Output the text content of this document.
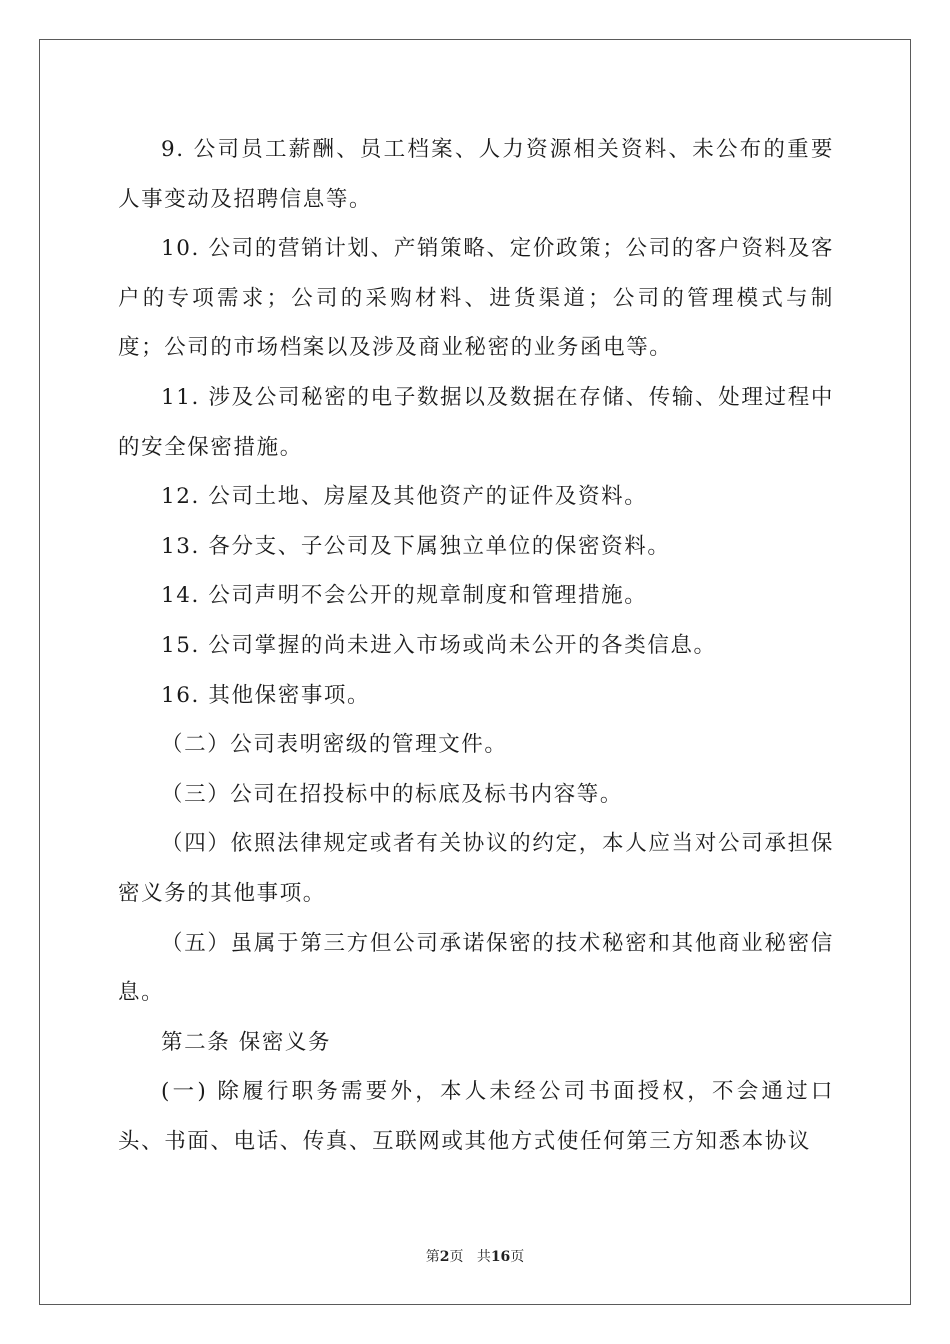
9. 公司员工薪酬、员工档案、人力资源相关资料、未公布的重要人事变动及招聘信息等。

10. 公司的营销计划、产销策略、定价政策；公司的客户资料及客户的专项需求；公司的采购材料、进货渠道；公司的管理模式与制度；公司的市场档案以及涉及商业秘密的业务函电等。

11. 涉及公司秘密的电子数据以及数据在存储、传输、处理过程中的安全保密措施。

12. 公司土地、房屋及其他资产的证件及资料。

13. 各分支、子公司及下属独立单位的保密资料。

14. 公司声明不会公开的规章制度和管理措施。

15. 公司掌握的尚未进入市场或尚未公开的各类信息。

16. 其他保密事项。

（二）公司表明密级的管理文件。

（三）公司在招投标中的标底及标书内容等。

（四）依照法律规定或者有关协议的约定，本人应当对公司承担保密义务的其他事项。

（五）虽属于第三方但公司承诺保密的技术秘密和其他商业秘密信息。

第二条 保密义务

(一) 除履行职务需要外，本人未经公司书面授权，不会通过口头、书面、电话、传真、互联网或其他方式使任何第三方知悉本协议

第2页 共16页
